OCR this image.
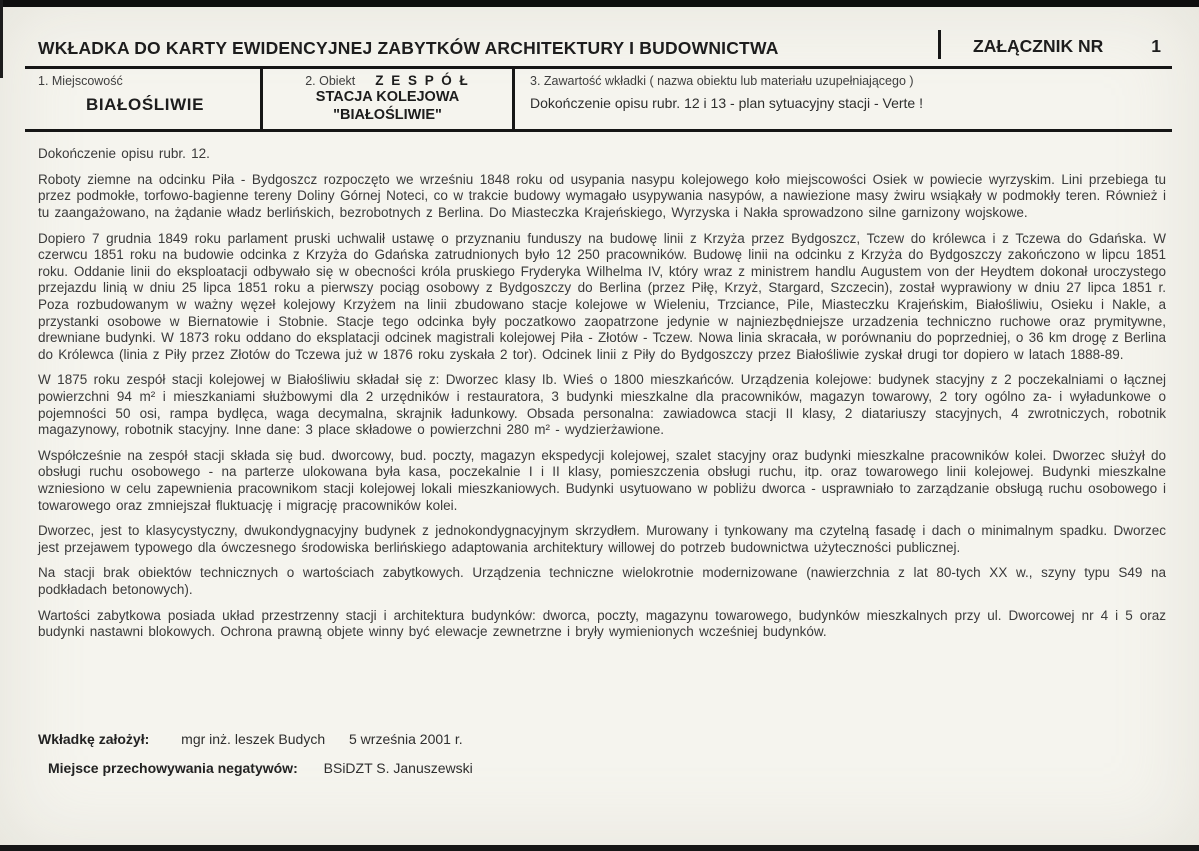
WKŁADKA DO KARTY EWIDENCYJNEJ ZABYTKÓW ARCHITEKTURY I BUDOWNICTWA	ZAŁĄCZNIK NR	1
1. Miejscowość
BIAŁOŚLIWIE
2. Obiekt Z E S P Ó Ł
STACJA KOLEJOWA
"BIAŁOŚLIWIE"
3. Zawartość wkładki ( nazwa obiektu lub materiału uzupełniającego )
Dokończenie opisu rubr. 12 i 13 - plan sytuacyjny stacji - Verte !

Dokończenie opisu rubr. 12.

Roboty ziemne na odcinku Piła - Bydgoszcz rozpoczęto we wrześniu 1848 roku od usypania nasypu kolejowego koło miejscowości Osiek w powiecie wyrzyskim. Lini przebiega tu przez podmokłe, torfowo-bagienne tereny Doliny Górnej Noteci, co w trakcie budowy wymagało usypywania nasypów, a nawiezione masy żwiru wsiąkały w podmokły teren. Również i tu zaangażowano, na żądanie władz berlińskich, bezrobotnych z Berlina. Do Miasteczka Krajeńskiego, Wyrzyska i Nakła sprowadzono silne garnizony wojskowe.

Dopiero 7 grudnia 1849 roku parlament pruski uchwalił ustawę o przyznaniu funduszy na budowę linii z Krzyża przez Bydgoszcz, Tczew do królewca i z Tczewa do Gdańska. W czerwcu 1851 roku na budowie odcinka z Krzyża do Gdańska zatrudnionych było 12 250 pracowników. Budowę linii na odcinku z Krzyża do Bydgoszczy zakończono w lipcu 1851 roku. Oddanie linii do eksploatacji odbywało się w obecności króla pruskiego Fryderyka Wilhelma IV, który wraz z ministrem handlu Augustem von der Heydtem dokonał uroczystego przejazdu linią w dniu 25 lipca 1851 roku a pierwszy pociąg osobowy z Bydgoszczy do Berlina (przez Piłę, Krzyż, Stargard, Szczecin), został wyprawiony w dniu 27 lipca 1851 r. Poza rozbudowanym w ważny węzeł kolejowy Krzyżem na linii zbudowano stacje kolejowe w Wieleniu, Trzciance, Pile, Miasteczku Krajeńskim, Białośliwiu, Osieku i Nakle, a przystanki osobowe w Biernatowie i Stobnie. Stacje tego odcinka były poczatkowo zaopatrzone jedynie w najniezbędniejsze urzadzenia techniczno ruchowe oraz prymitywne, drewniane budynki. W 1873 roku oddano do eksplatacji odcinek magistrali kolejowej Piła - Złotów - Tczew. Nowa linia skracała, w porównaniu do poprzedniej, o 36 km drogę z Berlina do Królewca (linia z Piły przez Złotów do Tczewa już w 1876 roku zyskała 2 tor). Odcinek linii z Piły do Bydgoszczy przez Białośliwie zyskał drugi tor dopiero w latach 1888-89.

W 1875 roku zespół stacji kolejowej w Białośliwiu składał się z: Dworzec klasy Ib. Wieś o 1800 mieszkańców. Urządzenia kolejowe: budynek stacyjny z 2 poczekalniami o łącznej powierzchni 94 m² i mieszkaniami służbowymi dla 2 urzędników i restauratora, 3 budynki mieszkalne dla pracowników, magazyn towarowy, 2 tory ogólno za- i wyładunkowe o pojemności 50 osi, rampa bydlęca, waga decymalna, skrajnik ładunkowy. Obsada personalna: zawiadowca stacji II klasy, 2 diatariuszy stacyjnych, 4 zwrotniczych, robotnik magazynowy, robotnik stacyjny. Inne dane: 3 place składowe o powierzchni 280 m² - wydzierżawione.

Współcześnie na zespół stacji składa się bud. dworcowy, bud. poczty, magazyn ekspedycji kolejowej, szalet stacyjny oraz budynki mieszkalne pracowników kolei. Dworzec służył do obsługi ruchu osobowego - na parterze ulokowana była kasa, poczekalnie I i II klasy, pomieszczenia obsługi ruchu, itp. oraz towarowego linii kolejowej. Budynki mieszkalne wzniesiono w celu zapewnienia pracownikom stacji kolejowej lokali mieszkaniowych. Budynki usytuowano w pobliżu dworca - usprawniało to zarządzanie obsługą ruchu osobowego i towarowego oraz zmniejszał fluktuację i migrację pracowników kolei.

Dworzec, jest to klasycystyczny, dwukondygnacyjny budynek z jednokondygnacyjnym skrzydłem. Murowany i tynkowany ma czytelną fasadę i dach o minimalnym spadku. Dworzec jest przejawem typowego dla ówczesnego środowiska berlińskiego adaptowania architektury willowej do potrzeb budownictwa użyteczności publicznej.

Na stacji brak obiektów technicznych o wartościach zabytkowych. Urządzenia techniczne wielokrotnie modernizowane (nawierzchnia z lat 80-tych XX w., szyny typu S49 na podkładach betonowych).

Wartości zabytkowa posiada układ przestrzenny stacji i architektura budynków: dworca, poczty, magazynu towarowego, budynków mieszkalnych przy ul. Dworcowej nr 4 i 5 oraz budynki nastawni blokowych. Ochrona prawną objete winny być elewacje zewnetrzne i bryły wymienionych wcześniej budynków.

Wkładkę założył: mgr inż. leszek Budych 5 września 2001 r.
Miejsce przechowywania negatywów: BSiDZT S. Januszewski
